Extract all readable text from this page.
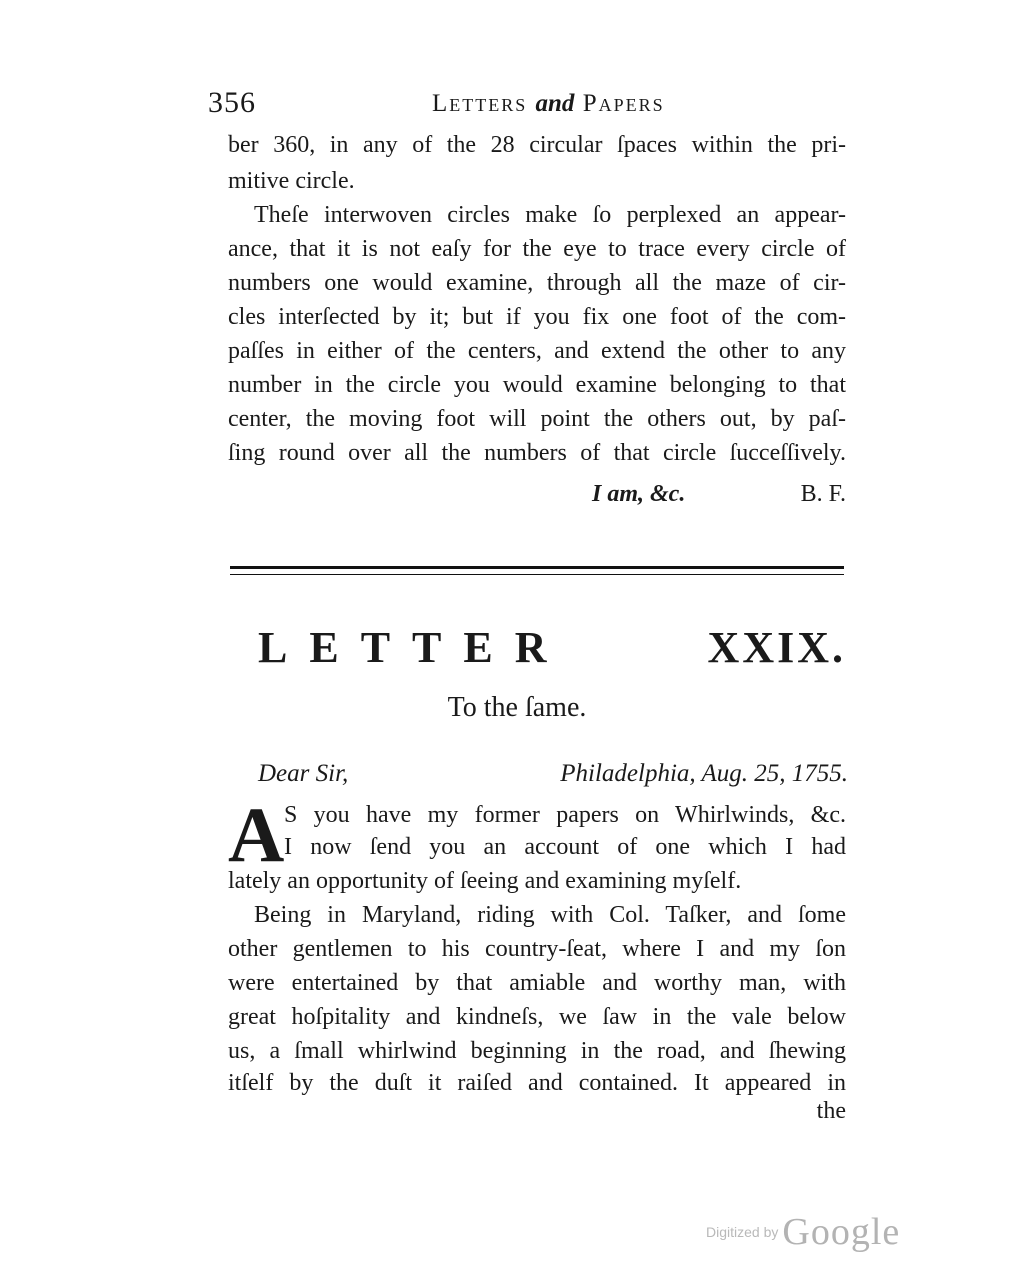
356	Letters and Papers
ber 360, in any of the 28 circular ſpaces within the pri-
mitive circle.
Theſe interwoven circles make ſo perplexed an appear-
ance, that it is not eaſy for the eye to trace every circle of
numbers one would examine, through all the maze of cir-
cles interſected by it; but if you fix one foot of the com-
paſſes in either of the centers, and extend the other to any
number in the circle you would examine belonging to that
center, the moving foot will point the others out, by paſ-
ſing round over all the numbers of that circle ſucceſſively.
I am, &c.	B. F.
LETTER	XXIX.
To the ſame.
Dear Sir,	Philadelphia, Aug. 25, 1755.
A S you have my former papers on Whirlwinds, &c.
I now ſend you an account of one which I had
lately an opportunity of ſeeing and examining myſelf.
Being in Maryland, riding with Col. Taſker, and ſome
other gentlemen to his country-ſeat, where I and my ſon
were entertained by that amiable and worthy man, with
great hoſpitality and kindneſs, we ſaw in the vale below
us, a ſmall whirlwind beginning in the road, and ſhewing
itſelf by the duſt it raiſed and contained. It appeared in
the
Digitized by Google
